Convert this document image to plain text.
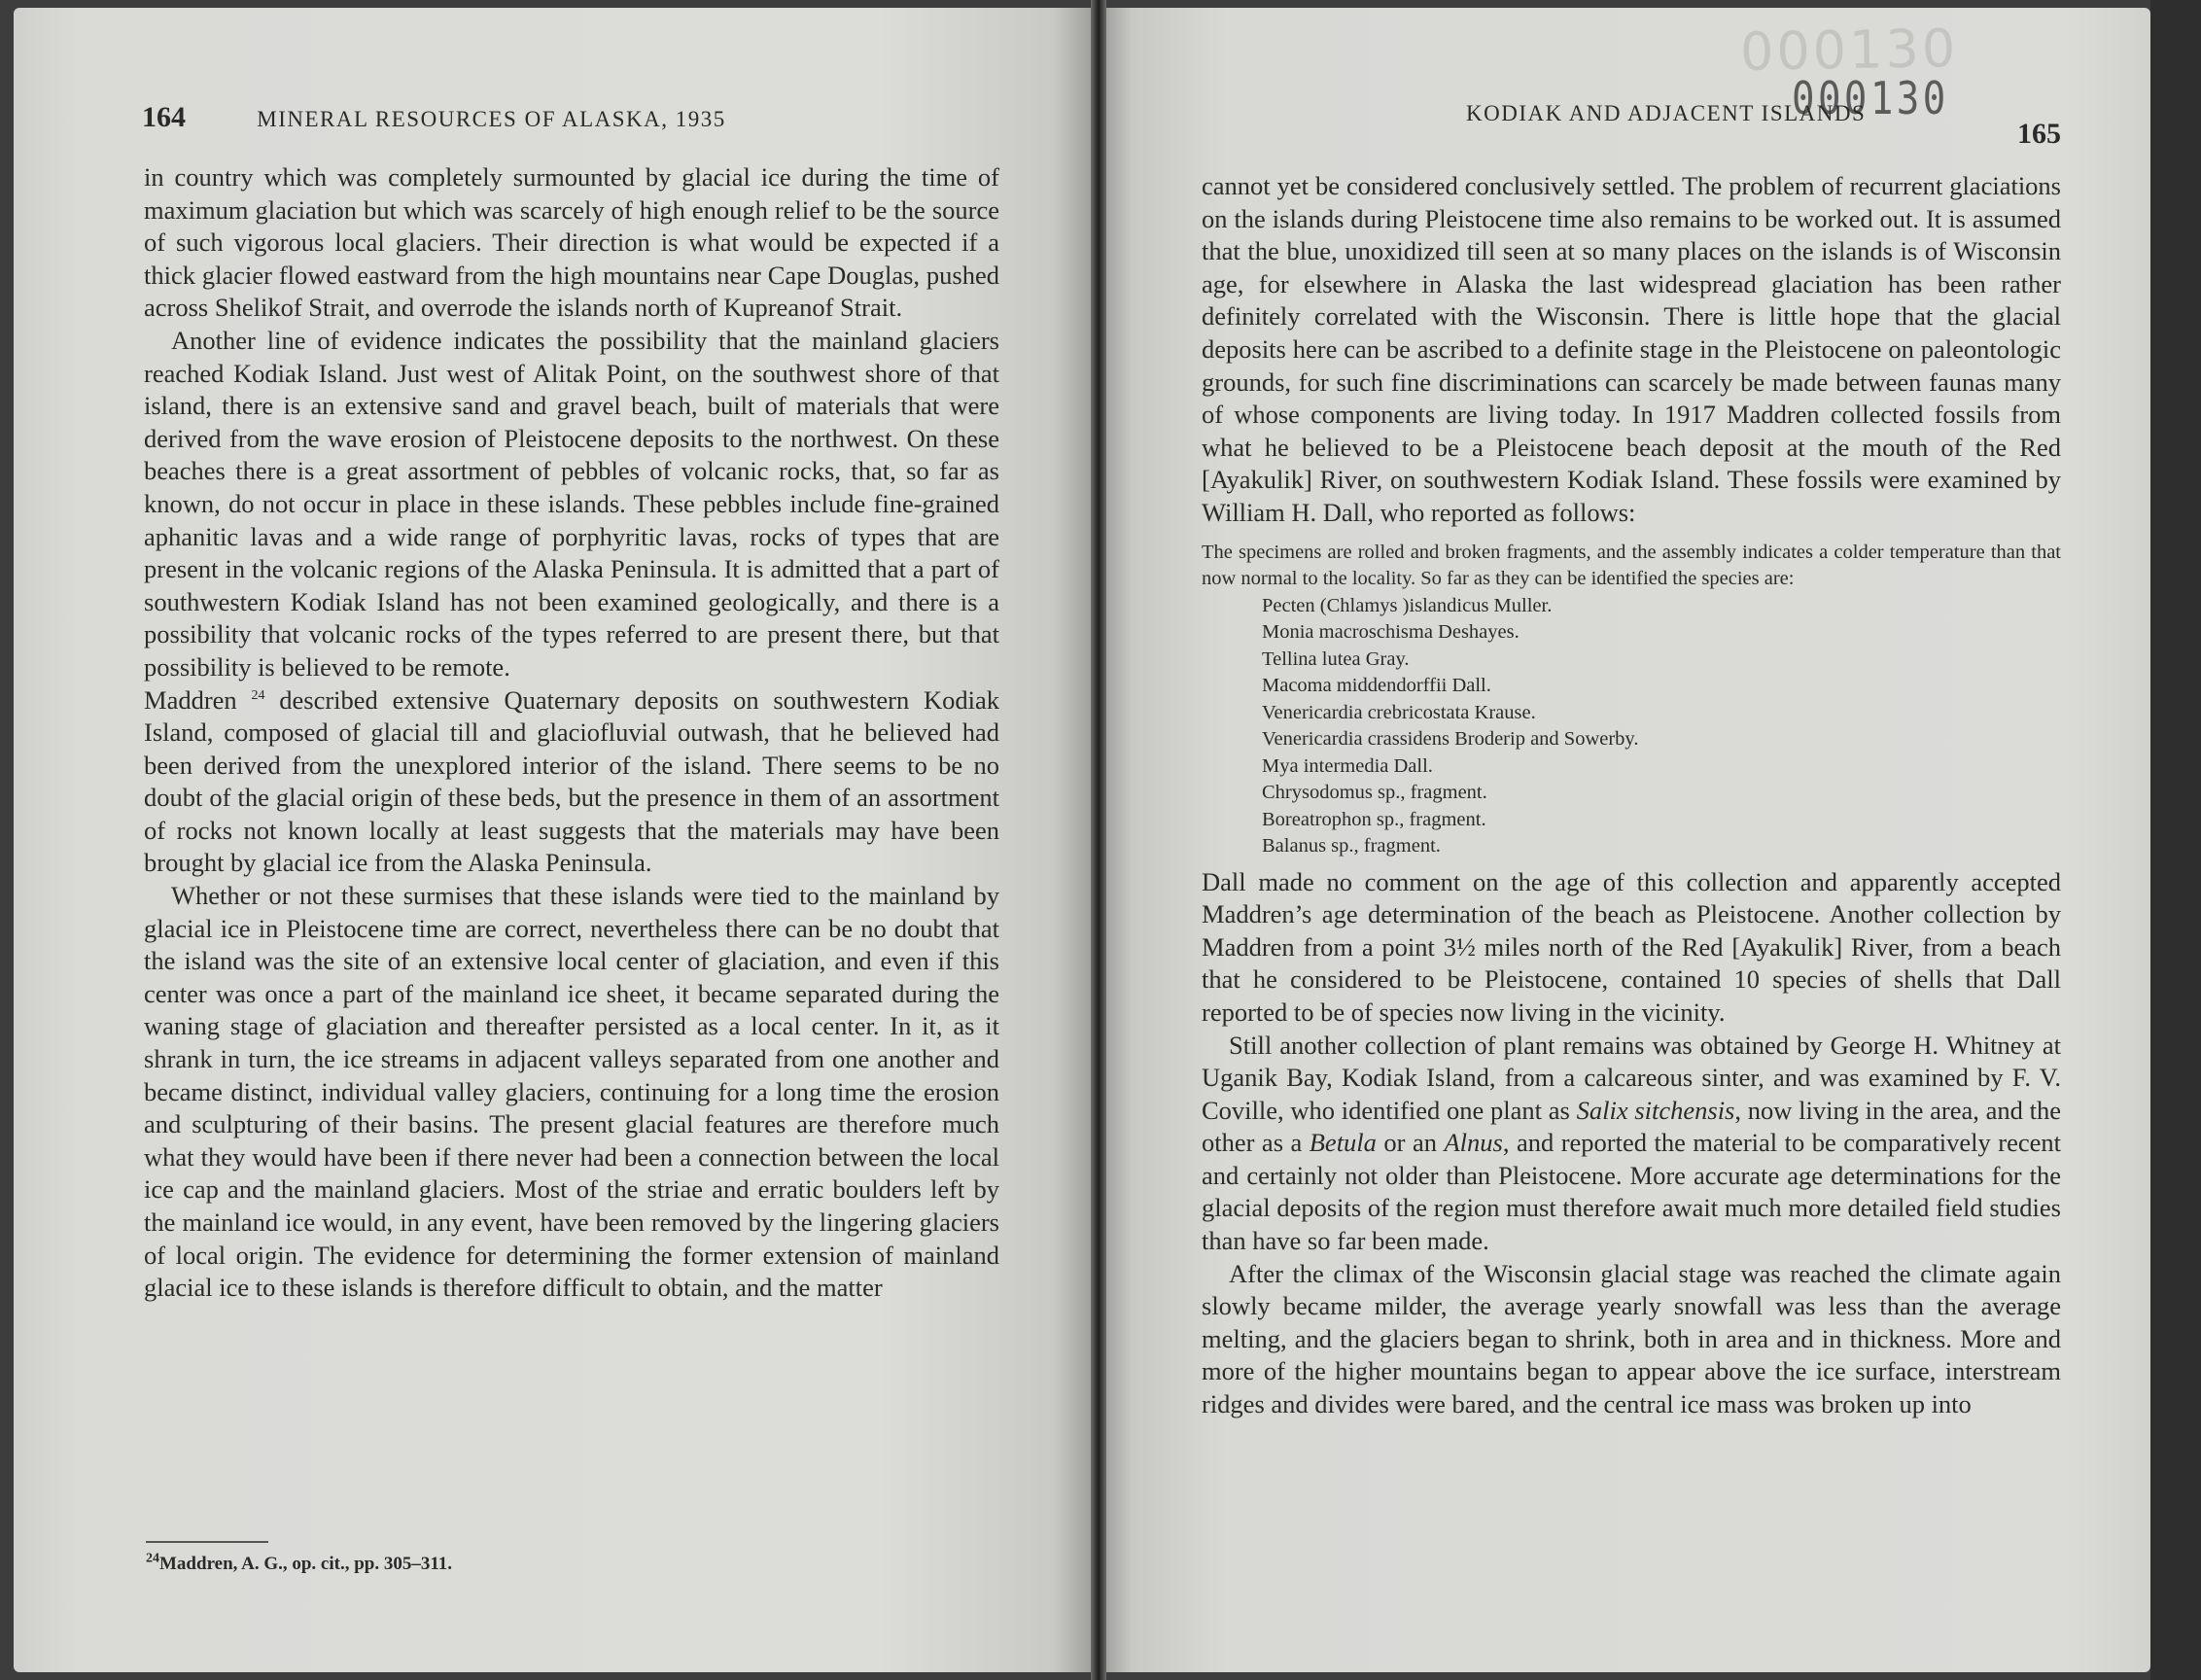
164	MINERAL RESOURCES OF ALASKA, 1935

in country which was completely surmounted by glacial ice during the time of maximum glaciation but which was scarcely of high enough relief to be the source of such vigorous local glaciers. Their direction is what would be expected if a thick glacier flowed eastward from the high mountains near Cape Douglas, pushed across Shelikof Strait, and overrode the islands north of Kupreanof Strait.

Another line of evidence indicates the possibility that the mainland glaciers reached Kodiak Island. Just west of Alitak Point, on the southwest shore of that island, there is an extensive sand and gravel beach, built of materials that were derived from the wave erosion of Pleistocene deposits to the northwest. On these beaches there is a great assortment of pebbles of volcanic rocks, that, so far as known, do not occur in place in these islands. These pebbles include fine-grained aphanitic lavas and a wide range of porphyritic lavas, rocks of types that are present in the volcanic regions of the Alaska Peninsula. It is admitted that a part of southwestern Kodiak Island has not been examined geologically, and there is a possibility that volcanic rocks of the types referred to are present there, but that possibility is believed to be remote.

Maddren $^{24}$ described extensive Quaternary deposits on southwestern Kodiak Island, composed of glacial till and glaciofluvial outwash, that he believed had been derived from the unexplored interior of the island. There seems to be no doubt of the glacial origin of these beds, but the presence in them of an assortment of rocks not known locally at least suggests that the materials may have been brought by glacial ice from the Alaska Peninsula.

Whether or not these surmises that these islands were tied to the mainland by glacial ice in Pleistocene time are correct, nevertheless there can be no doubt that the island was the site of an extensive local center of glaciation, and even if this center was once a part of the mainland ice sheet, it became separated during the waning stage of glaciation and thereafter persisted as a local center. In it, as it shrank in turn, the ice streams in adjacent valleys separated from one another and became distinct, individual valley glaciers, continuing for a long time the erosion and sculpturing of their basins. The present glacial features are therefore much what they would have been if there never had been a connection between the local ice cap and the mainland glaciers. Most of the striae and erratic boulders left by the mainland ice would, in any event, have been removed by the lingering glaciers of local origin. The evidence for determining the former extension of mainland glacial ice to these islands is therefore difficult to obtain, and the matter

$^{24}$Maddren, A. G., op. cit., pp. 305–311.
000130
000130
KODIAK AND ADJACENT ISLANDS
165

cannot yet be considered conclusively settled. The problem of recurrent glaciations on the islands during Pleistocene time also remains to be worked out. It is assumed that the blue, unoxidized till seen at so many places on the islands is of Wisconsin age, for elsewhere in Alaska the last widespread glaciation has been rather definitely correlated with the Wisconsin. There is little hope that the glacial deposits here can be ascribed to a definite stage in the Pleistocene on paleontologic grounds, for such fine discriminations can scarcely be made between faunas many of whose components are living today. In 1917 Maddren collected fossils from what he believed to be a Pleistocene beach deposit at the mouth of the Red [Ayakulik] River, on southwestern Kodiak Island. These fossils were examined by William H. Dall, who reported as follows:

The specimens are rolled and broken fragments, and the assembly indicates a colder temperature than that now normal to the locality. So far as they can be identified the species are:

Pecten (Chlamys )islandicus Muller.
Monia macroschisma Deshayes.
Tellina lutea Gray.
Macoma middendorffii Dall.
Venericardia crebricostata Krause.
Venericardia crassidens Broderip and Sowerby.
Mya intermedia Dall.
Chrysodomus sp., fragment.
Boreatrophon sp., fragment.
Balanus sp., fragment.

Dall made no comment on the age of this collection and apparently accepted Maddren’s age determination of the beach as Pleistocene. Another collection by Maddren from a point 3½ miles north of the Red [Ayakulik] River, from a beach that he considered to be Pleistocene, contained 10 species of shells that Dall reported to be of species now living in the vicinity.

Still another collection of plant remains was obtained by George H. Whitney at Uganik Bay, Kodiak Island, from a calcareous sinter, and was examined by F. V. Coville, who identified one plant as Salix sitchensis, now living in the area, and the other as a Betula or an Alnus, and reported the material to be comparatively recent and certainly not older than Pleistocene. More accurate age determinations for the glacial deposits of the region must therefore await much more detailed field studies than have so far been made.

After the climax of the Wisconsin glacial stage was reached the climate again slowly became milder, the average yearly snowfall was less than the average melting, and the glaciers began to shrink, both in area and in thickness. More and more of the higher mountains began to appear above the ice surface, interstream ridges and divides were bared, and the central ice mass was broken up into
